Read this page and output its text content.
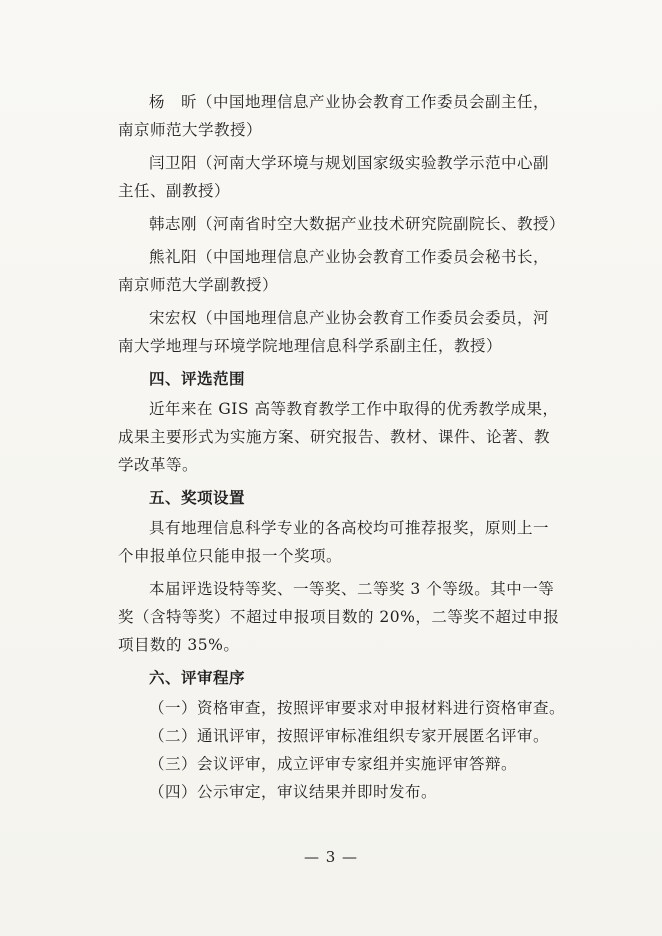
杨　昕（中国地理信息产业协会教育工作委员会副主任，

南京师范大学教授）

闫卫阳（河南大学环境与规划国家级实验教学示范中心副

主任、副教授）

韩志刚（河南省时空大数据产业技术研究院副院长、教授）

熊礼阳（中国地理信息产业协会教育工作委员会秘书长，

南京师范大学副教授）

宋宏权（中国地理信息产业协会教育工作委员会委员，河

南大学地理与环境学院地理信息科学系副主任，教授）

四、评选范围

近年来在 GIS 高等教育教学工作中取得的优秀教学成果，

成果主要形式为实施方案、研究报告、教材、课件、论著、教

学改革等。

五、奖项设置

具有地理信息科学专业的各高校均可推荐报奖，原则上一

个申报单位只能申报一个奖项。

本届评选设特等奖、一等奖、二等奖 3 个等级。其中一等

奖（含特等奖）不超过申报项目数的 20%，二等奖不超过申报

项目数的 35%。

六、评审程序

（一）资格审查，按照评审要求对申报材料进行资格审查。

（二）通讯评审，按照评审标准组织专家开展匿名评审。

（三）会议评审，成立评审专家组并实施评审答辩。

（四）公示审定，审议结果并即时发布。

— 3 —
